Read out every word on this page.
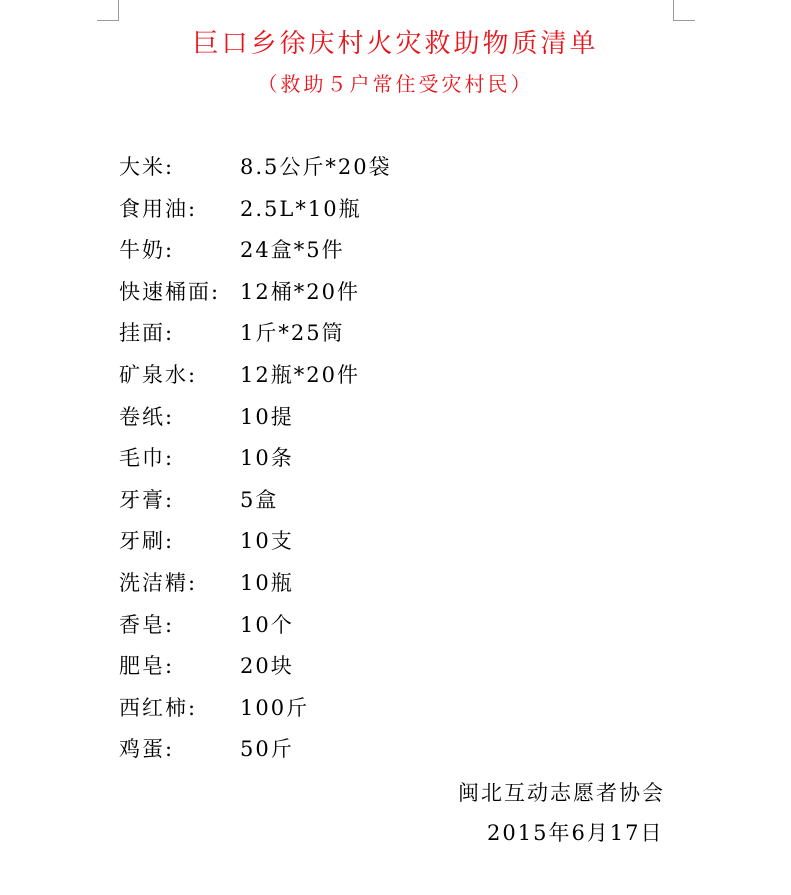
巨口乡徐庆村火灾救助物质清单
（救助５户常住受灾村民）
大米:	8.5公斤*20袋
食用油: 2.5L*10瓶
牛奶:	24盒*5件
快速桶面: 12桶*20件
挂面:	1斤*25筒
矿泉水: 12瓶*20件
卷纸:	10提
毛巾:	10条
牙膏:	5盒
牙刷:	10支
洗洁精: 10瓶
香皂:	10个
肥皂:	20块
西红柿: 100斤
鸡蛋:	50斤
闽北互动志愿者协会
2015年6月17日
